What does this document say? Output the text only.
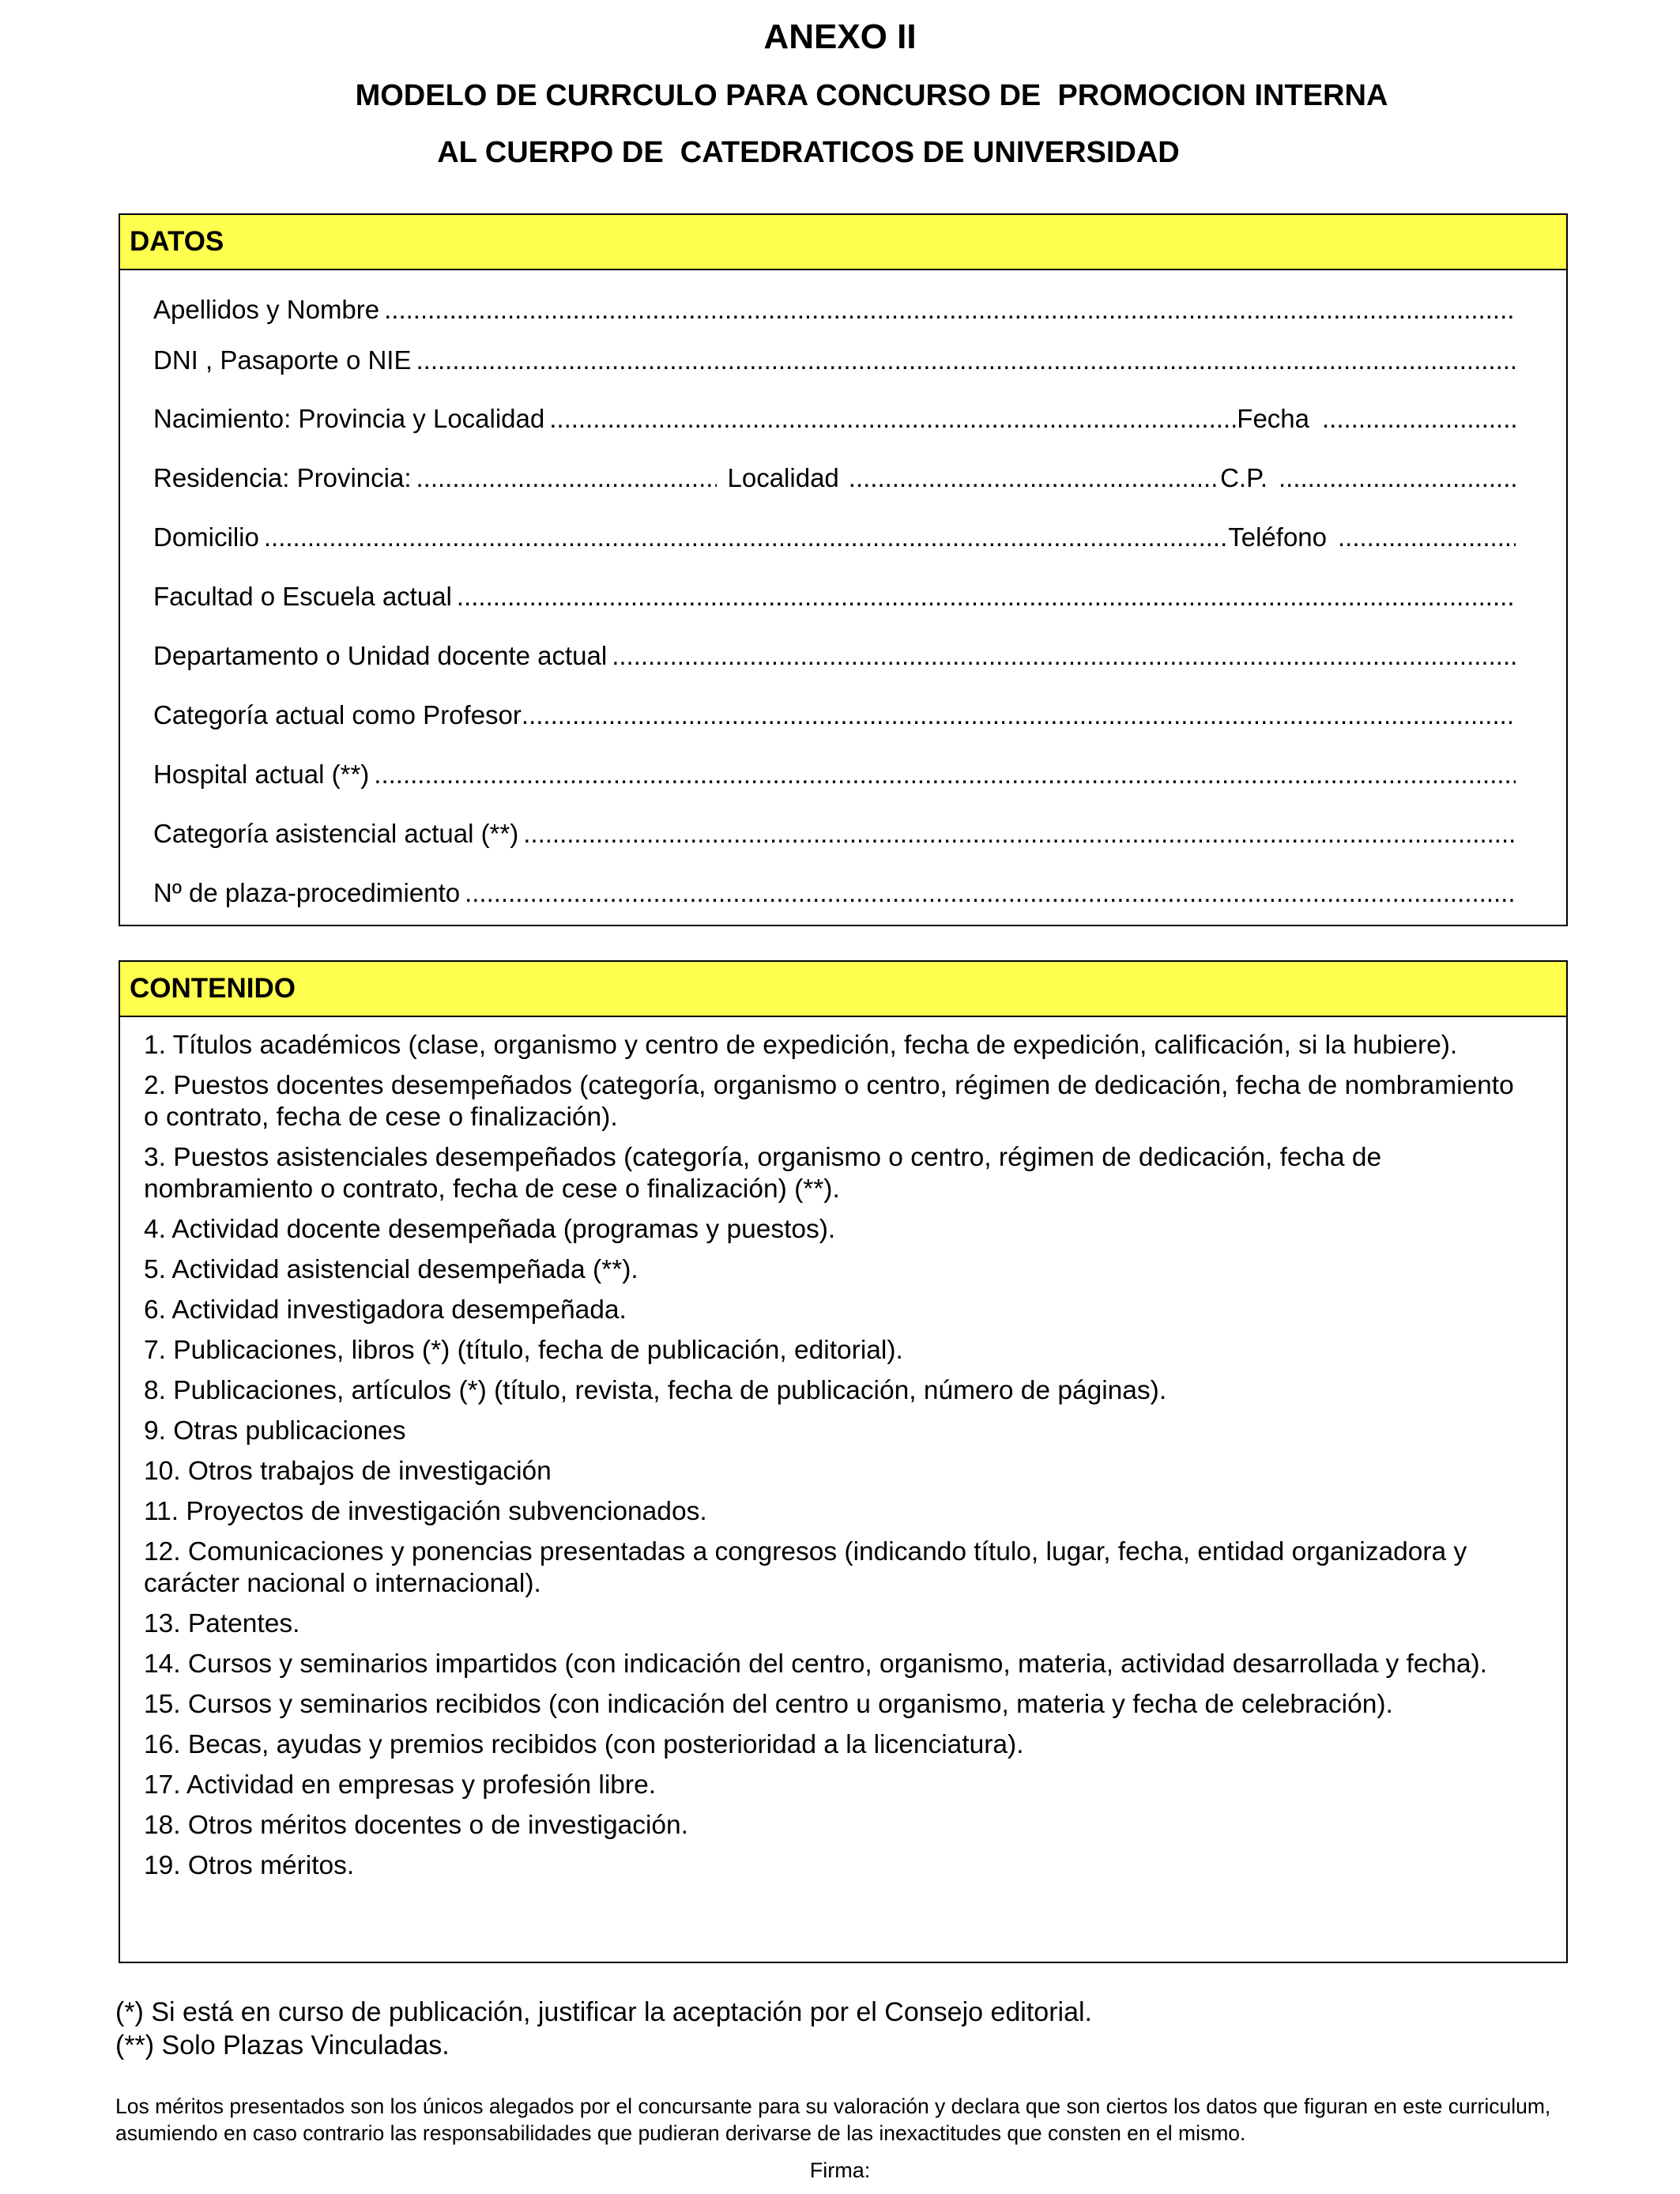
ANEXO II
MODELO DE CURRCULO PARA CONCURSO DE  PROMOCION INTERNA
AL CUERPO DE  CATEDRATICOS DE UNIVERSIDAD
DATOS
Apellidos y Nombre
.....
DNI , Pasaporte o NIE
.....
Nacimiento: Provincia y Localidad .....	Fecha
.....
Residencia: Provincia: .....	Localidad .....	C.P.
.....
Domicilio .....	Teléfono
.....
Facultad o Escuela actual
.....
Departamento o Unidad docente actual
.....
Categoría actual como Profesor
.....
Hospital actual (**)
.....
Categoría asistencial actual (**)
.....
Nº de plaza-procedimiento
.....
CONTENIDO
1. Títulos académicos (clase, organismo y centro de expedición, fecha de expedición, calificación, si la hubiere).
2. Puestos docentes desempeñados (categoría, organismo o centro, régimen de dedicación, fecha de nombramiento o contrato, fecha de cese o finalización).
3. Puestos asistenciales desempeñados (categoría, organismo o centro, régimen de dedicación, fecha de nombramiento o contrato, fecha de cese o finalización) (**).
4. Actividad docente desempeñada (programas y puestos).
5. Actividad asistencial desempeñada (**).
6. Actividad investigadora desempeñada.
7. Publicaciones, libros (*) (título, fecha de publicación, editorial).
8. Publicaciones, artículos (*) (título, revista, fecha de publicación, número de páginas).
9. Otras publicaciones
10. Otros trabajos de investigación
11. Proyectos de investigación subvencionados.
12. Comunicaciones y ponencias presentadas a congresos (indicando título, lugar, fecha, entidad organizadora y carácter nacional o internacional).
13. Patentes.
14. Cursos y seminarios impartidos (con indicación del centro, organismo, materia, actividad desarrollada y fecha).
15. Cursos y seminarios recibidos (con indicación del centro u organismo, materia y fecha de celebración).
16. Becas, ayudas y premios recibidos (con posterioridad a la licenciatura).
17. Actividad en empresas y profesión libre.
18. Otros méritos docentes o de investigación.
19. Otros méritos.
(*) Si está en curso de publicación, justificar la aceptación por el Consejo editorial.
(**) Solo Plazas Vinculadas.
Los méritos presentados son los únicos alegados por el concursante para su valoración y declara que son ciertos los datos que figuran en este curriculum, asumiendo en caso contrario las responsabilidades que pudieran derivarse de las inexactitudes que consten en el mismo.
Firma:
